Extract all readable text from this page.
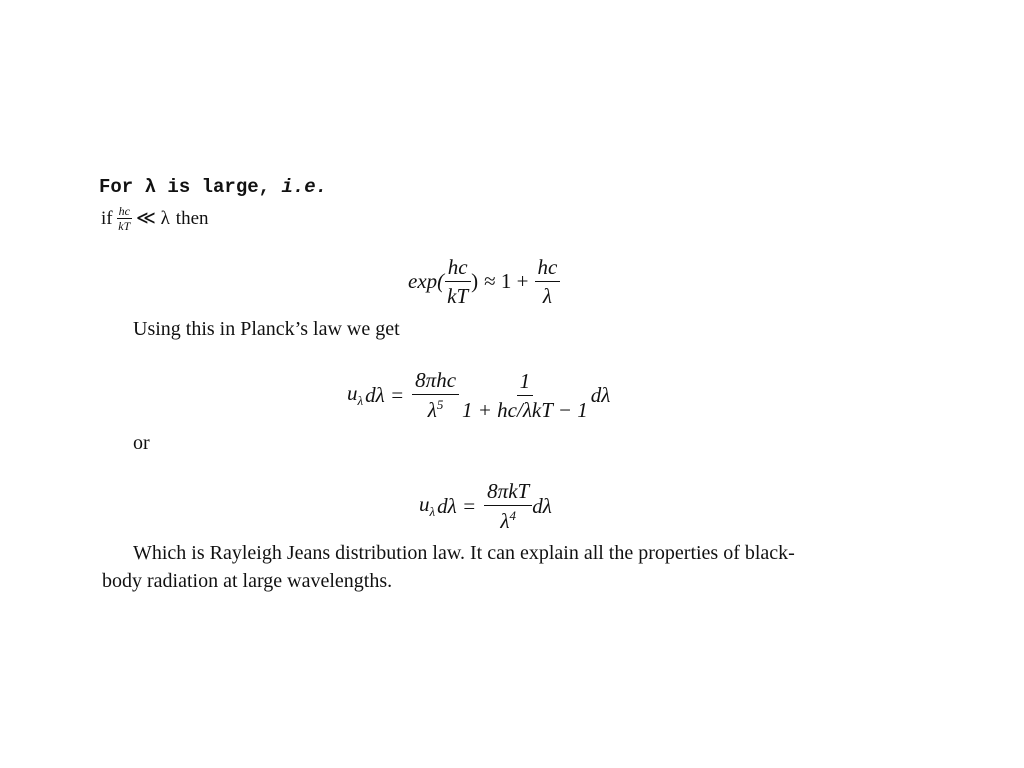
For λ is large, i.e.
if $\frac{hc}{kT}$ ≪ λ then
$\exp( \frac{hc}{kT}$ ) ≈ $1 + \frac{hc}{\lambda}$
Using this in Planck’s law we get
$u_\lambda$ $d\lambda = \frac{\text{8πhc}}{\lambda^5} \frac{1}{\text{1 + hc/λkT − 1}}$ dλ
or
$u_\lambda$ $d\lambda = \frac{\text{8πkT}}{\lambda^4}$ dλ
Which is Rayleigh Jeans distribution law. It can explain all the properties of black-
body radiation at large wavelengths.
